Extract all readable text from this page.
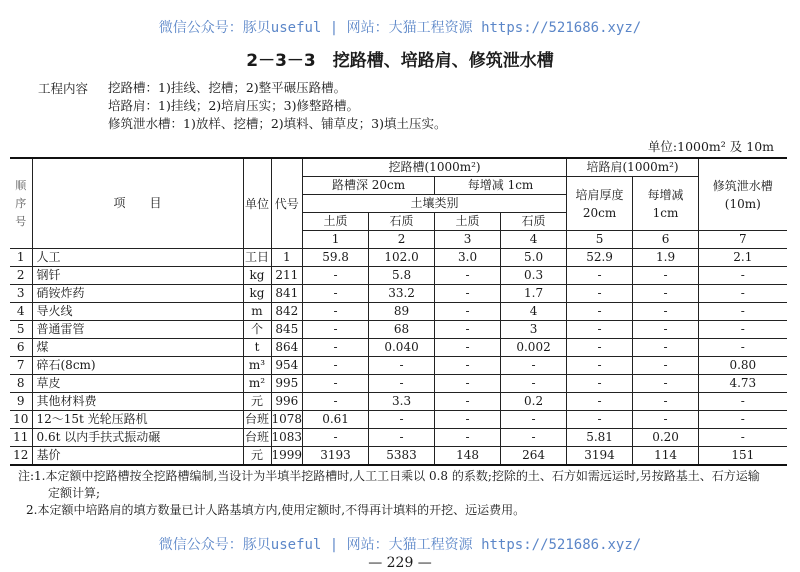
微信公众号：豚贝useful | 网站：大猫工程资源 https://521686.xyz/
2－3－3　挖路槽、培路肩、修筑泄水槽
工程内容	挖路槽：1)挂线、挖槽；2)整平碾压路槽。
培路肩：1)挂线；2)培肩压实；3)修整路槽。
修筑泄水槽：1)放样、挖槽；2)填料、铺草皮；3)填土压实。
单位:1000m² 及 10m
顺序号	项　　目	单位	代号	挖路槽(1000m²)				培路肩(1000m²)		修筑泄水槽(10m)
				路槽深 20cm		每增减 1cm		培肩厚度20cm	每增减1cm	
				土壤类别						
				土质	石质	土质	石质			
				1	2	3	4	5	6	7
1	人工	工日	1	59.8	102.0	3.0	5.0	52.9	1.9	2.1
2	钢钎	kg	211	-	5.8	-	0.3	-	-	-
3	硝铵炸药	kg	841	-	33.2	-	1.7	-	-	-
4	导火线	m	842	-	89	-	4	-	-	-
5	普通雷管	个	845	-	68	-	3	-	-	-
6	煤	t	864	-	0.040	-	0.002	-	-	-
7	碎石(8cm)	m³	954	-	-	-	-	-	-	0.80
8	草皮	m²	995	-	-	-	-	-	-	4.73
9	其他材料费	元	996	-	3.3	-	0.2	-	-	-
10	12～15t 光轮压路机	台班	1078	0.61	-	-	-	-	-	-
11	0.6t 以内手扶式振动碾	台班	1083	-	-	-	-	5.81	0.20	-
12	基价	元	1999	3193	5383	148	264	3194	114	151
注:1.本定额中挖路槽按全挖路槽编制,当设计为半填半挖路槽时,人工工日乘以 0.8 的系数;挖除的土、石方如需远运时,另按路基土、石方运输
定额计算;
2.本定额中培路肩的填方数量已计人路基填方内,使用定额时,不得再计填料的开挖、远运费用。
微信公众号：豚贝useful | 网站：大猫工程资源 https://521686.xyz/
— 229 —
